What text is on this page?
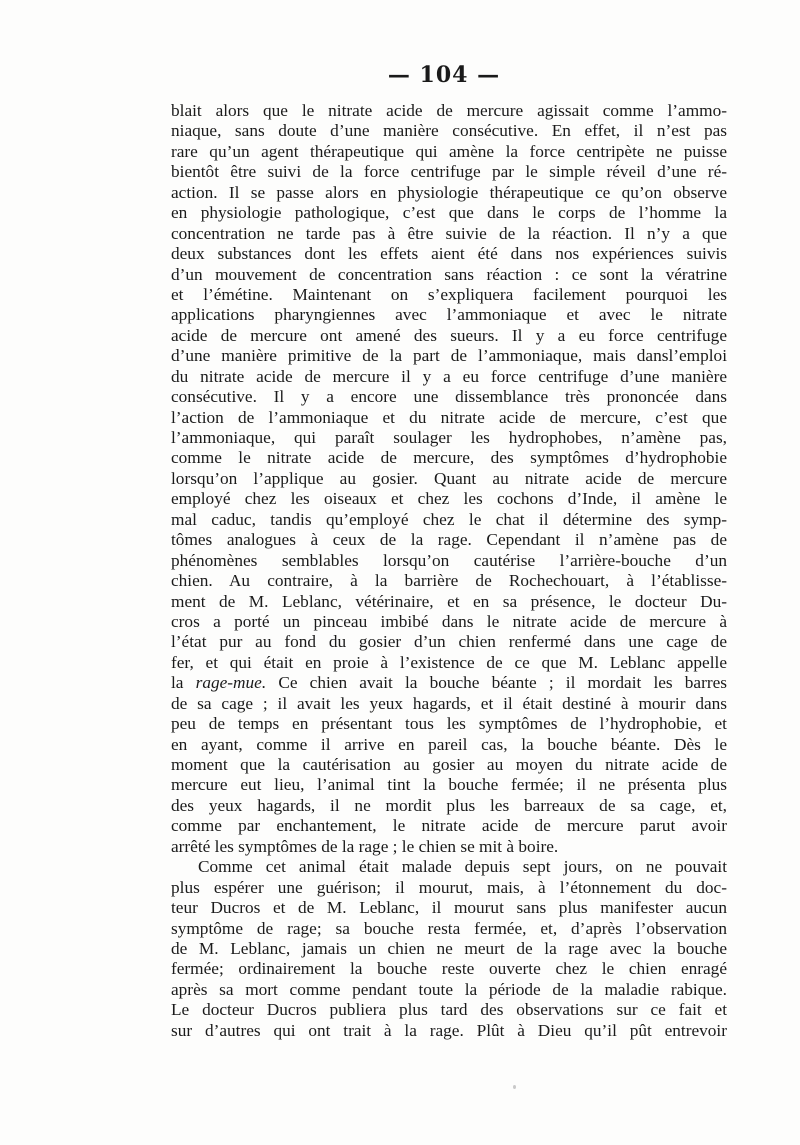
— 104 —
blait alors que le nitrate acide de mercure agissait comme l’ammo-
niaque, sans doute d’une manière consécutive. En effet, il n’est pas
rare qu’un agent thérapeutique qui amène la force centripète ne puisse
bientôt être suivi de la force centrifuge par le simple réveil d’une ré-
action. Il se passe alors en physiologie thérapeutique ce qu’on observe
en physiologie pathologique, c’est que dans le corps de l’homme la
concentration ne tarde pas à être suivie de la réaction. Il n’y a que
deux substances dont les effets aient été dans nos expériences suivis
d’un mouvement de concentration sans réaction : ce sont la vératrine
et l’émétine. Maintenant on s’expliquera facilement pourquoi les
applications pharyngiennes avec l’ammoniaque et avec le nitrate
acide de mercure ont amené des sueurs. Il y a eu force centrifuge
d’une manière primitive de la part de l’ammoniaque, mais dansl’emploi
du nitrate acide de mercure il y a eu force centrifuge d’une manière
consécutive. Il y a encore une dissemblance très prononcée dans
l’action de l’ammoniaque et du nitrate acide de mercure, c’est que
l’ammoniaque, qui paraît soulager les hydrophobes, n’amène pas,
comme le nitrate acide de mercure, des symptômes d’hydrophobie
lorsqu’on l’applique au gosier. Quant au nitrate acide de mercure
employé chez les oiseaux et chez les cochons d’Inde, il amène le
mal caduc, tandis qu’employé chez le chat il détermine des symp-
tômes analogues à ceux de la rage. Cependant il n’amène pas de
phénomènes semblables lorsqu’on cautérise l’arrière-bouche d’un
chien. Au contraire, à la barrière de Rochechouart, à l’établisse-
ment de M. Leblanc, vétérinaire, et en sa présence, le docteur Du-
cros a porté un pinceau imbibé dans le nitrate acide de mercure à
l’état pur au fond du gosier d’un chien renfermé dans une cage de
fer, et qui était en proie à l’existence de ce que M. Leblanc appelle
la rage-mue. Ce chien avait la bouche béante ; il mordait les barres
de sa cage ; il avait les yeux hagards, et il était destiné à mourir dans
peu de temps en présentant tous les symptômes de l’hydrophobie, et
en ayant, comme il arrive en pareil cas, la bouche béante. Dès le
moment que la cautérisation au gosier au moyen du nitrate acide de
mercure eut lieu, l’animal tint la bouche fermée; il ne présenta plus
des yeux hagards, il ne mordit plus les barreaux de sa cage, et,
comme par enchantement, le nitrate acide de mercure parut avoir
arrêté les symptômes de la rage ; le chien se mit à boire.
Comme cet animal était malade depuis sept jours, on ne pouvait
plus espérer une guérison; il mourut, mais, à l’étonnement du doc-
teur Ducros et de M. Leblanc, il mourut sans plus manifester aucun
symptôme de rage; sa bouche resta fermée, et, d’après l’observation
de M. Leblanc, jamais un chien ne meurt de la rage avec la bouche
fermée; ordinairement la bouche reste ouverte chez le chien enragé
après sa mort comme pendant toute la période de la maladie rabique.
Le docteur Ducros publiera plus tard des observations sur ce fait et
sur d’autres qui ont trait à la rage. Plût à Dieu qu’il pût entrevoir
